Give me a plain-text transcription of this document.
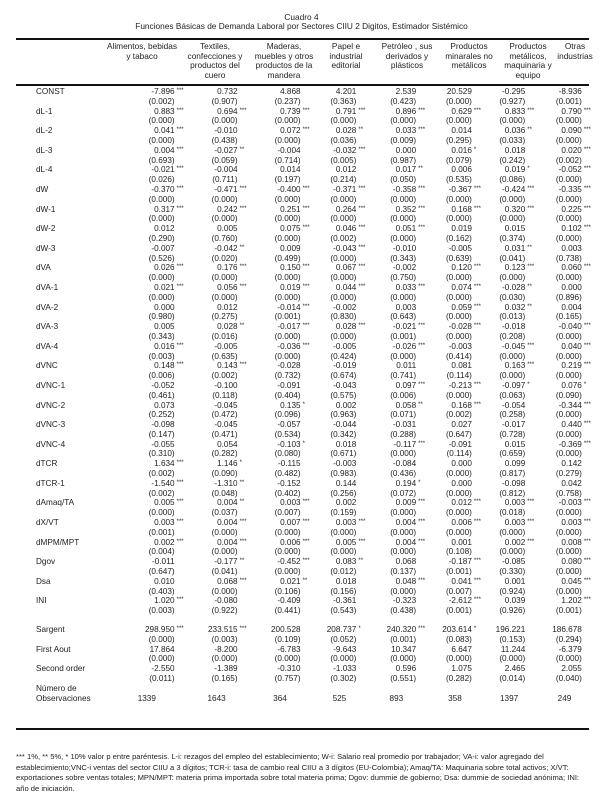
Cuadro 4
Funciones Básicas de Demanda Laboral por Sectores CIIU 2 Digitos, Estimador Sistémico
Alimentos, bebidas y tabaco
Textiles, confecciones y productos del cuero
Maderas, muebles y otros productos de la mandera
Papel e industrial editorial
Petróleo , sus derivados y plásticos
Productos minarales no metálicos
Productos metálicos, maquinaria y equipo
Otras industrias
CONST	-7.896	***	0.732		4.868		4.201		2.539		20.529		-0.295		-8.936	
	(0.002)		(0.907)		(0.237)		(0.363)		(0.423)		(0.000)		(0.927)		(0.001)	
dL-1	0.883	***	0.694	***	0.739	***	0.791	***	0.896	***	0.629	***	0.833	***	0.790	***
	(0.000)		(0.000)		(0.000)		(0.000)		(0.000)		(0.000)		(0.000)		(0.000)	
dL-2	0.041	***	-0.010		0.072	***	0.028	**	0.033	***	0.014		0.036	**	0.090	***
	(0.000)		(0.438)		(0.000)		(0.036)		(0.009)		(0.295)		(0.033)		(0.000)	
dL-3	0.004	***	-0.027	**	-0.004		-0.032	***	0.000		0.016	*	0.018		0.020	***
	(0.693)		(0.059)		(0.714)		(0.005)		(0.987)		(0.079)		(0.242)		(0.002)	
dL-4	-0.021	***	-0.004		0.014		0.012		0.017	**	0.006		0.019	*	-0.052	***
	(0.026)		(0.711)		(0.197)		(0.214)		(0.050)		(0.535)		(0.086)		(0.000)	
dW	-0.370	***	-0.471	***	-0.400	***	-0.371	***	-0.358	***	-0.367	***	-0.424	***	-0.335	***
	(0.000)		(0.000)		(0.000)		(0.000)		(0.000)		(0.000)		(0.000)		(0.000)	
dW-1	0.317	***	0.242	***	0.251	***	0.264	***	0.352	***	0.168	***	0.320	***	0.225	***
	(0.000)		(0.000)		(0.000)		(0.000)		(0.000)		(0.000)		(0.000)		(0.000)	
dW-2	0.012		0.005		0.075	***	0.046	***	0.051	***	0.019		0.015		0.102	***
	(0.290)		(0.760)		(0.000)		(0.002)		(0.000)		(0.162)		(0.374)		(0.000)	
dW-3	-0.007		-0.042	**	0.009		-0.043	***	-0.010		-0.005		0.031	**	0.003	
	(0.526)		(0.020)		(0.499)		(0.000)		(0.343)		(0.639)		(0.041)		(0.738)	
dVA	0.026	***	0.176	***	0.150	***	0.067	***	-0.002		0.120	***	0.123	***	0.060	***
	(0.000)		(0.000)		(0.000)		(0.000)		(0.750)		(0.000)		(0.000)		(0.000)	
dVA-1	0.021	***	0.056	***	0.019	***	0.044	***	0.033	***	0.074	***	-0.028	**	0.000	
	(0.000)		(0.000)		(0.000)		(0.000)		(0.000)		(0.000)		(0.030)		(0.896)	
dVA-2	0.000		0.012		-0.014	***	-0.002		0.003		0.059	***	0.032	**	0.004	
	(0.980)		(0.275)		(0.001)		(0.830)		(0.643)		(0.000)		(0.013)		(0.165)	
dVA-3	0.005		0.028	**	-0.017	***	0.028	***	-0.021	***	-0.028	***	-0.018		-0.040	***
	(0.343)		(0.016)		(0.000)		(0.000)		(0.001)		(0.000)		(0.208)		(0.000)	
dVA-4	0.016	***	-0.005		-0.036	***	-0.005		-0.026	***	-0.003		-0.045	***	0.040	***
	(0.003)		(0.635)		(0.000)		(0.424)		(0.000)		(0.414)		(0.000)		(0.000)	
dVNC	0.148	***	0.143	***	-0.028		-0.019		0.011		0.081		0.163	***	0.219	***
	(0.006)		(0.002)		(0.732)		(0.674)		(0.741)		(0.114)		(0.000)		(0.000)	
dVNC-1	-0.052		-0.100		-0.091		-0.043		0.097	***	-0.213	***	-0.097	*	0.076	*
	(0.461)		(0.118)		(0.404)		(0.575)		(0.006)		(0.000)		(0.063)		(0.090)	
dVNC-2	0.073		-0.045		0.135	*	0.002		0.058	**	0.168	***	-0.054		-0.344	***
	(0.252)		(0.472)		(0.096)		(0.963)		(0.071)		(0.002)		(0.258)		(0.000)	
dVNC-3	-0.098		-0.045		-0.057		-0.044		-0.031		0.027		-0.017		0.440	***
	(0.147)		(0.471)		(0.534)		(0.342)		(0.288)		(0.647)		(0.728)		(0.000)	
dVNC-4	-0.055		0.054		-0.103	*	0.018		-0.117	***	-0.091		0.015		-0.369	***
	(0.310)		(0.282)		(0.080)		(0.671)		(0.000)		(0.114)		(0.659)		(0.000)	
dTCR	1.634	***	1.146	*	-0.115		-0.003		-0.084		0.000		0.099		0.142	
	(0.002)		(0.090)		(0.482)		(0.983)		(0.436)		(0.000)		(0.817)		(0.279)	
dTCR-1	-1.540	***	-1.310	**	-0.152		0.144		0.194	*	0.000		-0.098		0.042	
	(0.002)		(0.048)		(0.402)		(0.256)		(0.072)		(0.000)		(0.812)		(0.758)	
dAmaq/TA	0.005	***	0.004	**	0.003	***	0.002		0.009	***	0.012	***	0.003	***	-0.003	***
	(0.000)		(0.037)		(0.007)		(0.159)		(0.000)		(0.000)		(0.018)		(0.000)	
dX/VT	0.003	***	0.004	***	0.007	***	0.003	***	0.004	***	0.006	***	0.003	***	0.003	***
	(0.001)		(0.000)		(0.000)		(0.000)		(0.000)		(0.000)		(0.000)		(0.000)	
dMPM/MPT	0.002	***	0.004	***	0.006	***	0.005	***	0.004	***	0.001		0.002	***	0.008	***
	(0.004)		(0.000)		(0.000)		(0.000)		(0.000)		(0.108)		(0.000)		(0.000)	
Dgov	-0.011		-0.177	**	-0.452	***	0.083	**	0.068		-0.187	***	-0.085		0.080	***
	(0.647)		(0.041)		(0.000)		(0.012)		(0.137)		(0.001)		(0.330)		(0.000)	
Dsa	0.010		0.068	***	0.021	**	0.018		0.048	***	0.041	***	0.001		0.045	***
	(0.403)		(0.000)		(0.106)		(0.156)		(0.000)		(0.007)		(0.924)		(0.000)	
INI	1.020	***	-0.080		-0.409		-0.361		-0.323		-2.612	***	0.039		1.202	***
	(0.003)		(0.922)		(0.441)		(0.543)		(0.438)		(0.001)		(0.926)		(0.001)	

Sargent	298.950	***	233.515	***	200.528		208.737	*	240.320	***	203.614	*	196.221		186.678	
	(0.000)		(0.003)		(0.109)		(0.052)		(0.001)		(0.083)		(0.153)		(0.294)	
First Aout	17.864		-8.200		-6.783		-9.643		10.347		6.647		11.244		-6.379	
	(0.000)		(0.000)		(0.000)		(0.000)		(0.000)		(0.000)		(0.000)		(0.000)	
Second order	-2.550		-1.389		-0.310		-1.033		0.596		1.075		2.465		2.055	
	(0.011)		(0.165)		(0.757)		(0.302)		(0.551)		(0.282)		(0.014)		(0.040)	
Número de																
Observaciones	1339		1643		364		525		893		358		1397		249	
*** 1%, ** 5%, * 10% valor p entre paréntesis. L-i: rezagos del empleo del establecimiento; W-i: Salario real promedio por trabajador; VA-i: valor agregado del establecimiento;VNC-i ventas del sector CIIU a 3 dígitos; TCR-i: tasa de cambio real CIIU a 3 dígitos (EU-Colombia); Amaq/TA: Maquinaria sobre total activos; X/VT: exportaciones sobre ventas totales; MPN/MPT: materia prima importada sobre total materia prima; Dgov: dummie de gobierno; Dsa: dummie de sociedad anónima; INI: año de iniciación.
